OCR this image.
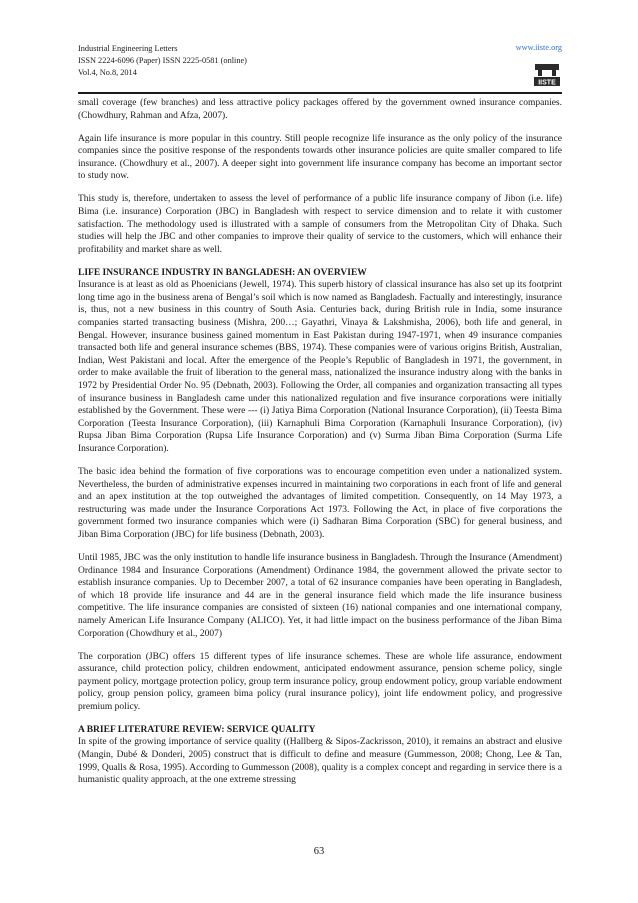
Industrial Engineering Letters
ISSN 2224-6096 (Paper) ISSN 2225-0581 (online)
Vol.4, No.8, 2014
www.iiste.org
IISTE

small coverage (few branches) and less attractive policy packages offered by the government owned insurance companies. (Chowdhury, Rahman and Afza, 2007).

Again life insurance is more popular in this country. Still people recognize life insurance as the only policy of the insurance companies since the positive response of the respondents towards other insurance policies are quite smaller compared to life insurance. (Chowdhury et al., 2007). A deeper sight into government life insurance company has become an important sector to study now.

This study is, therefore, undertaken to assess the level of performance of a public life insurance company of Jibon (i.e. life) Bima (i.e. insurance) Corporation (JBC) in Bangladesh with respect to service dimension and to relate it with customer satisfaction. The methodology used is illustrated with a sample of consumers from the Metropolitan City of Dhaka. Such studies will help the JBC and other companies to improve their quality of service to the customers, which will enhance their profitability and market share as well.

LIFE INSURANCE INDUSTRY IN BANGLADESH: AN OVERVIEW

Insurance is at least as old as Phoenicians (Jewell, 1974). This superb history of classical insurance has also set up its footprint long time ago in the business arena of Bengal’s soil which is now named as Bangladesh. Factually and interestingly, insurance is, thus, not a new business in this country of South Asia. Centuries back, during British rule in India, some insurance companies started transacting business (Mishra, 200…; Gayathri, Vinaya & Lakshmisha, 2006), both life and general, in Bengal. However, insurance business gained momentum in East Pakistan during 1947-1971, when 49 insurance companies transacted both life and general insurance schemes (BBS, 1974). These companies were of various origins British, Australian, Indian, West Pakistani and local. After the emergence of the People’s Republic of Bangladesh in 1971, the government, in order to make available the fruit of liberation to the general mass, nationalized the insurance industry along with the banks in 1972 by Presidential Order No. 95 (Debnath, 2003). Following the Order, all companies and organization transacting all types of insurance business in Bangladesh came under this nationalized regulation and five insurance corporations were initially established by the Government. These were --- (i) Jatiya Bima Corporation (National Insurance Corporation), (ii) Teesta Bima Corporation (Teesta Insurance Corporation), (iii) Karnaphuli Bima Corporation (Karnaphuli Insurance Corporation), (iv) Rupsa Jiban Bima Corporation (Rupsa Life Insurance Corporation) and (v) Surma Jiban Bima Corporation (Surma Life Insurance Corporation).

The basic idea behind the formation of five corporations was to encourage competition even under a nationalized system. Nevertheless, the burden of administrative expenses incurred in maintaining two corporations in each front of life and general and an apex institution at the top outweighed the advantages of limited competition. Consequently, on 14 May 1973, a restructuring was made under the Insurance Corporations Act 1973. Following the Act, in place of five corporations the government formed two insurance companies which were (i) Sadharan Bima Corporation (SBC) for general business, and Jiban Bima Corporation (JBC) for life business (Debnath, 2003).

Until 1985, JBC was the only institution to handle life insurance business in Bangladesh. Through the Insurance (Amendment) Ordinance 1984 and Insurance Corporations (Amendment) Ordinance 1984, the government allowed the private sector to establish insurance companies. Up to December 2007, a total of 62 insurance companies have been operating in Bangladesh, of which 18 provide life insurance and 44 are in the general insurance field which made the life insurance business competitive. The life insurance companies are consisted of sixteen (16) national companies and one international company, namely American Life Insurance Company (ALICO). Yet, it had little impact on the business performance of the Jiban Bima Corporation (Chowdhury et al., 2007)

The corporation (JBC) offers 15 different types of life insurance schemes. These are whole life assurance, endowment assurance, child protection policy, children endowment, anticipated endowment assurance, pension scheme policy, single payment policy, mortgage protection policy, group term insurance policy, group endowment policy, group variable endowment policy, group pension policy, grameen bima policy (rural insurance policy), joint life endowment policy, and progressive premium policy.

A BRIEF LITERATURE REVIEW: SERVICE QUALITY

In spite of the growing importance of service quality ((Hallberg & Sipos-Zackrisson, 2010), it remains an abstract and elusive (Mangin, Dubé & Donderi, 2005) construct that is difficult to define and measure (Gummesson, 2008; Chong, Lee & Tan, 1999, Qualls & Rosa, 1995). According to Gummesson (2008), quality is a complex concept and regarding in service there is a humanistic quality approach, at the one extreme stressing

63
